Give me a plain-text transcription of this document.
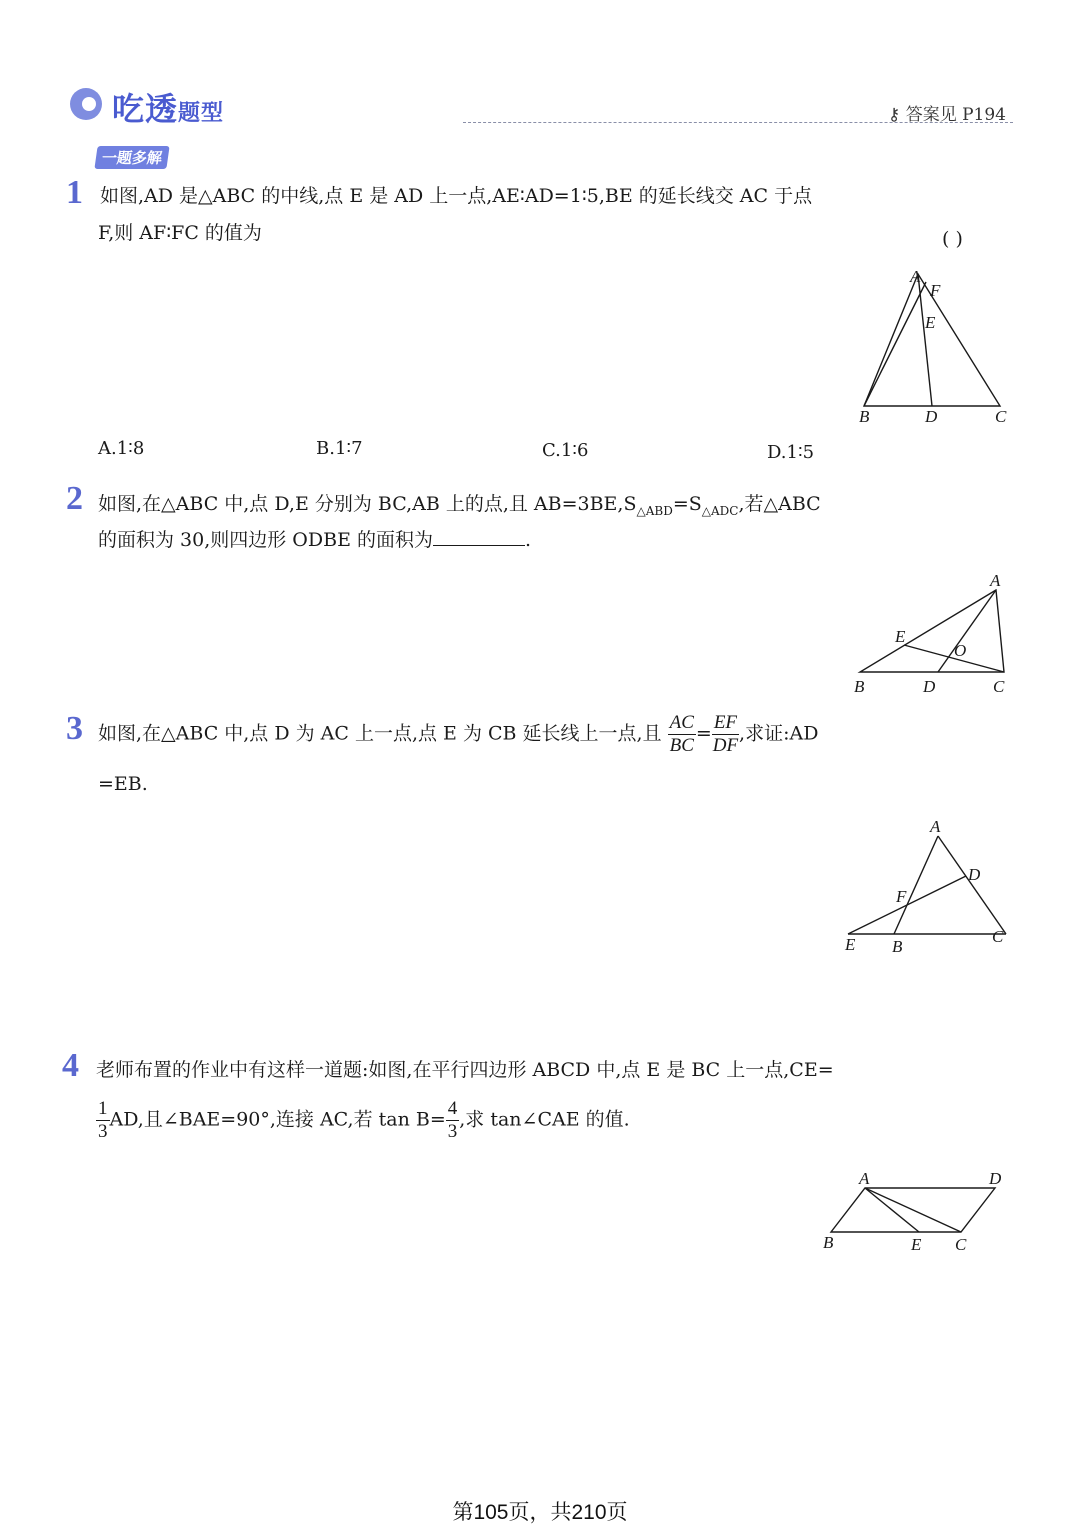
吃透题型	⚷ 答案见 P194
一题多解
1 如图,AD 是△ABC 的中线,点 E 是 AD 上一点,AE∶AD=1∶5,BE 的延长线交 AC 于点
F,则 AF∶FC 的值为	( )
A
F
E
B	D	C
A.1∶8	B.1∶7	C.1∶6	D.1∶5
2 如图,在△ABC 中,点 D,E 分别为 BC,AB 上的点,且 $AB=3BE,S_{\triangle ABD}=S_{\triangle ADC}$,若△ABC
的面积为 30,则四边形 ODBE 的面积为	.
A
E
O
B	D	C
3 如图,在△ABC 中,点 D 为 AC 上一点,点 E 为 CB 延长线上一点,且 $\frac{AC}{BC} = \frac{EF}{DF}$ ,求证:AD
=EB.
A
D
F
E B
C
4 老师布置的作业中有这样一道题:如图,在平行四边形 ABCD 中,点 E 是 BC 上一点,CE=
$\frac{1}{3}$ AD,且∠BAE=90°,连接 AC,若 $\tan B= \frac{4}{3}$ ,求 tan∠CAE 的值.
A	D
B	E C
第105页，共210页
